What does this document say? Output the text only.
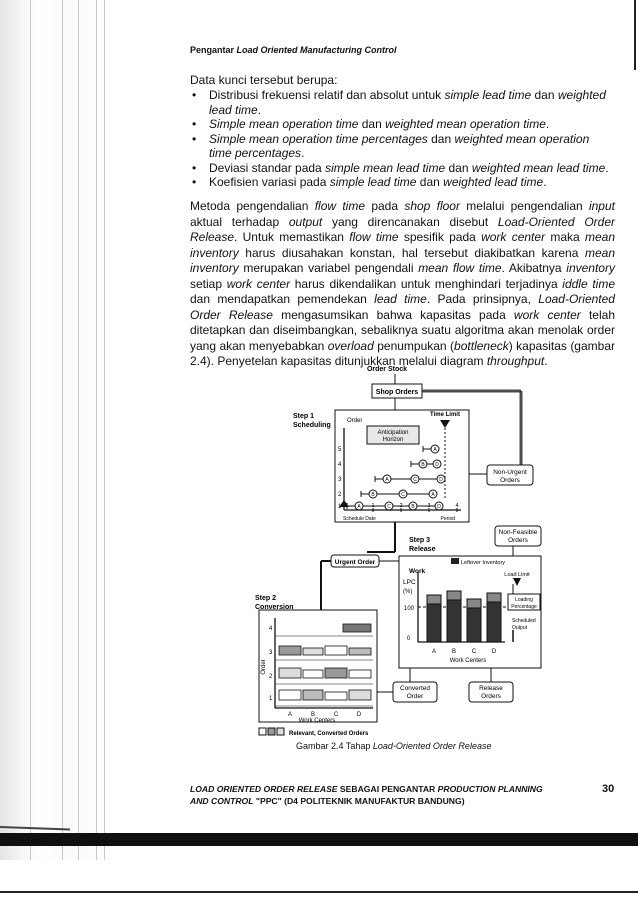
Pengantar Load Oriented Manufacturing Control
Data kunci tersebut berupa:
• Distribusi frekuensi relatif dan absolut untuk simple lead time dan weighted lead time.
• Simple mean operation time dan weighted mean operation time.
• Simple mean operation time percentages dan weighted mean operation time percentages.
• Deviasi standar pada simple mean lead time dan weighted mean lead time.
• Koefisien variasi pada simple lead time dan weighted lead time.

Metoda pengendalian flow time pada shop floor melalui pengendalian input aktual terhadap output yang direncanakan disebut Load-Oriented Order Release. Untuk memastikan flow time spesifik pada work center maka mean inventory harus diusahakan konstan, hal tersebut diakibatkan karena mean inventory merupakan variabel pengendali mean flow time. Akibatnya inventory setiap work center harus dikendalikan untuk menghindari terjadinya iddle time dan mendapatkan pemendekan lead time. Pada prinsipnya, Load-Oriented Order Release mengasumsikan bahwa kapasitas pada work center telah ditetapkan dan diseimbangkan, sebaliknya suatu algoritma akan menolak order yang akan menyebabkan overload penumpukan (bottleneck) kapasitas (gambar 2.4). Penyetelan kapasitas ditunjukkan melalui diagram throughput.

Order Stock
Shop Orders
Step 1
Scheduling
Order
Time Limit
Anticipation
Horizon
5	A
4	B D
3	A	C	D
2	B	C	A
A	C	B	D
1	2	3	4
Schedule Date	Period
Non-Urgent
Orders
Non-Feasible
Orders
Step 3
Release
Leftover Inventory
Work	Load Limit
LPC
(%)
100
0
Loading
Percentage
Scheduled
Output
A	B	C	D
Work Centers
Urgent Order
Step 2
Conversion
4
3
2
1
Order
A	B	C	D
Work Centers
Converted
Order
Release
Orders
Relevant, Converted Orders
Gambar 2.4 Tahap Load-Oriented Order Release
LOAD ORIENTED ORDER RELEASE SEBAGAI PENGANTAR PRODUCTION PLANNING
AND CONTROL "PPC" (D4 POLITEKNIK MANUFAKTUR BANDUNG)
30
